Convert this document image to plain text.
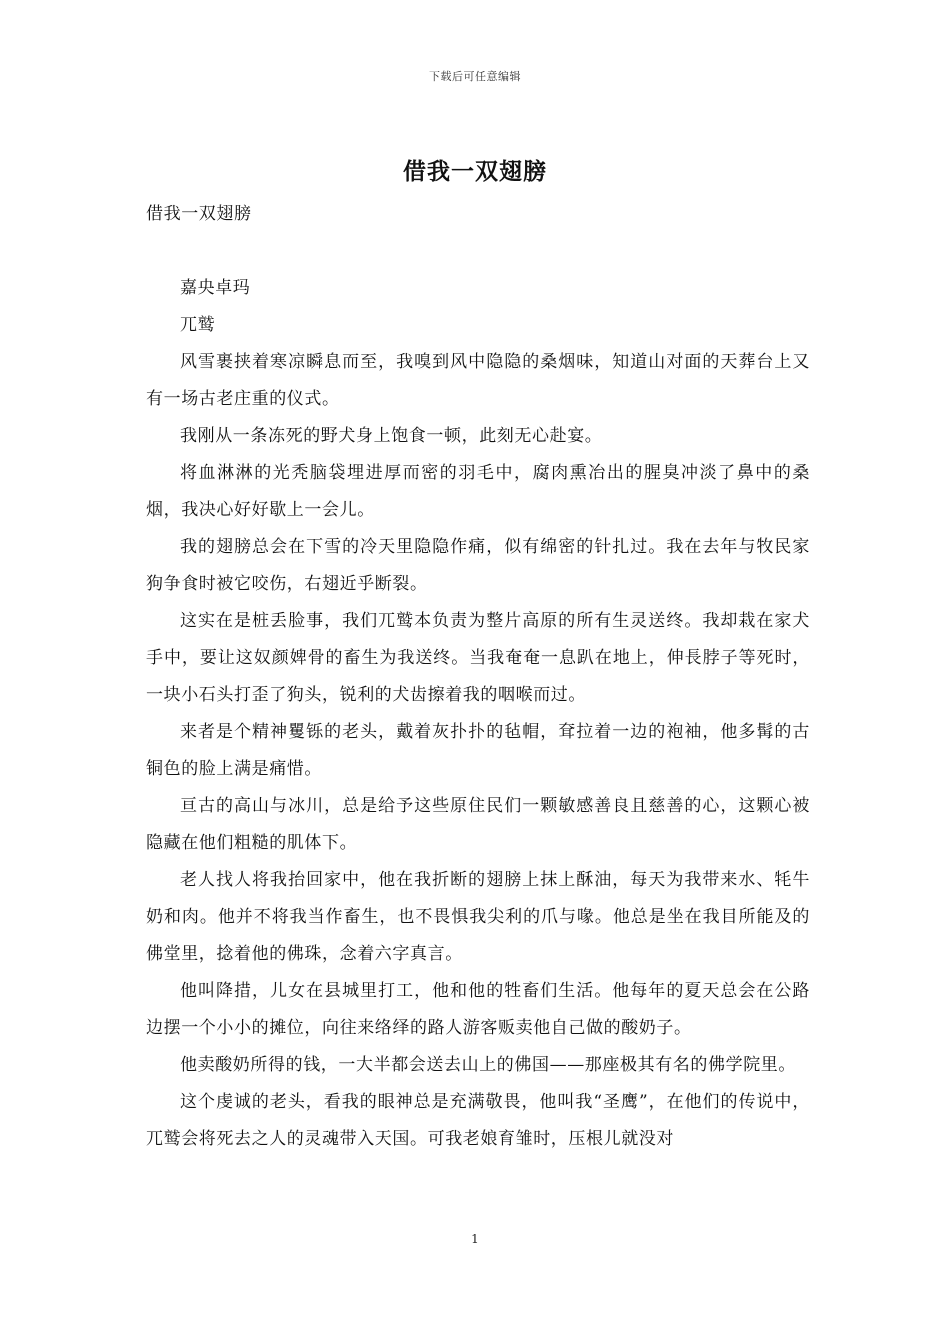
下载后可任意编辑
借我一双翅膀

借我一双翅膀

嘉央卓玛

兀鹫

风雪裹挟着寒凉瞬息而至，我嗅到风中隐隐的桑烟味，知道山对面的天葬台上又有一场古老庄重的仪式。

我刚从一条冻死的野犬身上饱食一顿，此刻无心赴宴。

将血淋淋的光秃脑袋埋进厚而密的羽毛中，腐肉熏冶出的腥臭冲淡了鼻中的桑烟，我决心好好歇上一会儿。

我的翅膀总会在下雪的冷天里隐隐作痛，似有绵密的针扎过。我在去年与牧民家狗争食时被它咬伤，右翅近乎断裂。

这实在是桩丢脸事，我们兀鹫本负责为整片高原的所有生灵送终。我却栽在家犬手中，要让这奴颜婢骨的畜生为我送终。当我奄奄一息趴在地上，伸長脖子等死时，一块小石头打歪了狗头，锐利的犬齿擦着我的咽喉而过。

来者是个精神矍铄的老头，戴着灰扑扑的毡帽，耷拉着一边的袍袖，他多髯的古铜色的脸上满是痛惜。

亘古的高山与冰川，总是给予这些原住民们一颗敏感善良且慈善的心，这颗心被隐藏在他们粗糙的肌体下。

老人找人将我抬回家中，他在我折断的翅膀上抹上酥油，每天为我带来水、牦牛奶和肉。他并不将我当作畜生，也不畏惧我尖利的爪与喙。他总是坐在我目所能及的佛堂里，捻着他的佛珠，念着六字真言。

他叫降措，儿女在县城里打工，他和他的牲畜们生活。他每年的夏天总会在公路边摆一个小小的摊位，向往来络绎的路人游客贩卖他自己做的酸奶子。

他卖酸奶所得的钱，一大半都会送去山上的佛国——那座极其有名的佛学院里。

这个虔诚的老头，看我的眼神总是充满敬畏，他叫我“圣鹰”，在他们的传说中，兀鹫会将死去之人的灵魂带入天国。可我老娘育雏时，压根儿就没对

1
